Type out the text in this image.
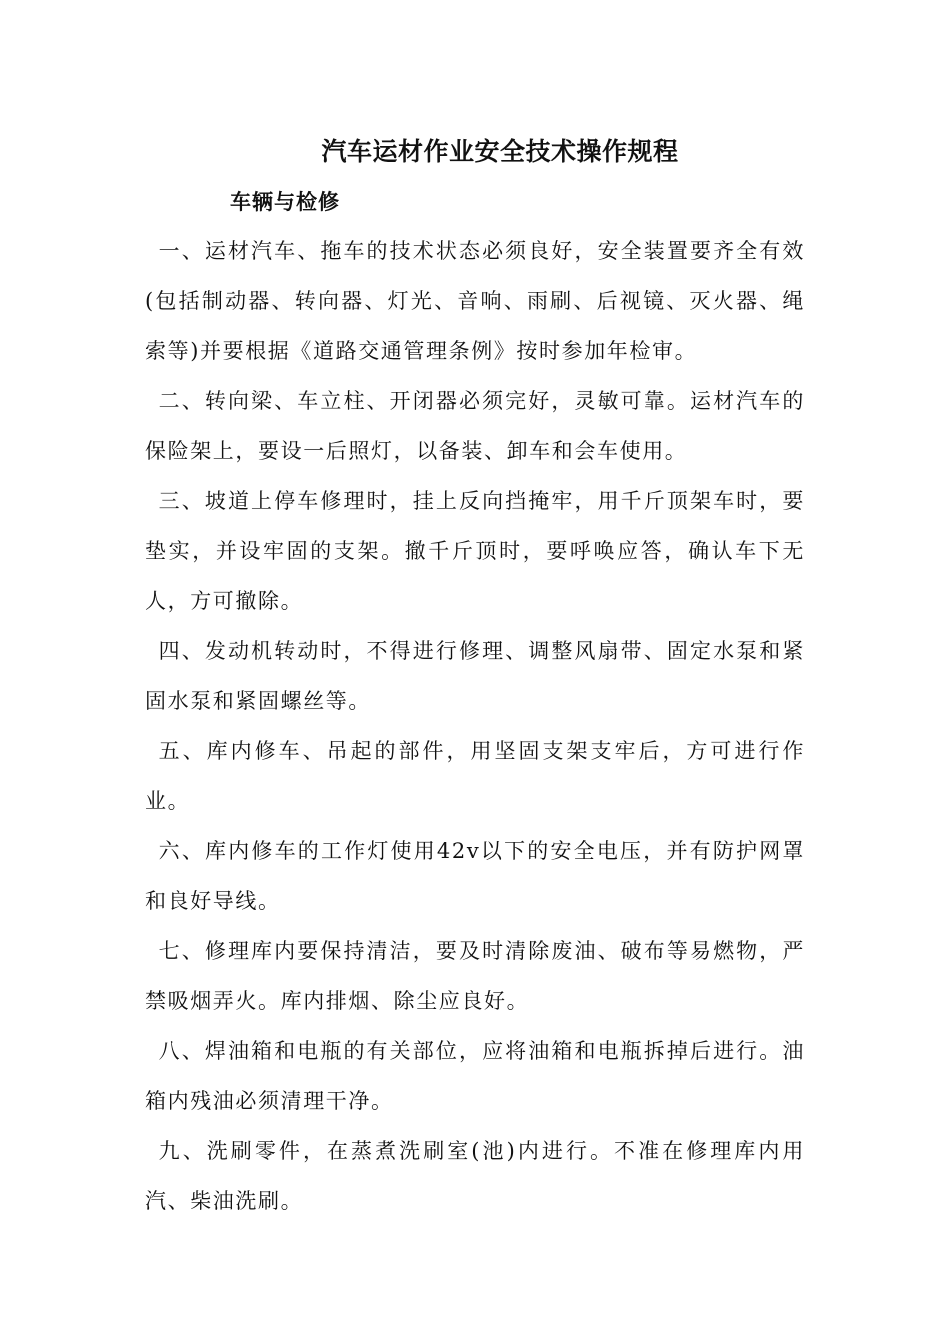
汽车运材作业安全技术操作规程
车辆与检修

一、运材汽车、拖车的技术状态必须良好，安全装置要齐全有效(包括制动器、转向器、灯光、音响、雨刷、后视镜、灭火器、绳索等)并要根据《道路交通管理条例》按时参加年检审。

二、转向梁、车立柱、开闭器必须完好，灵敏可靠。运材汽车的保险架上，要设一后照灯，以备装、卸车和会车使用。

三、坡道上停车修理时，挂上反向挡掩牢，用千斤顶架车时，要垫实，并设牢固的支架。撤千斤顶时，要呼唤应答，确认车下无人，方可撤除。

四、发动机转动时，不得进行修理、调整风扇带、固定水泵和紧固水泵和紧固螺丝等。

五、库内修车、吊起的部件，用坚固支架支牢后，方可进行作业。

六、库内修车的工作灯使用42v以下的安全电压，并有防护网罩和良好导线。

七、修理库内要保持清洁，要及时清除废油、破布等易燃物，严禁吸烟弄火。库内排烟、除尘应良好。

八、焊油箱和电瓶的有关部位，应将油箱和电瓶拆掉后进行。油箱内残油必须清理干净。

九、洗刷零件，在蒸煮洗刷室(池)内进行。不准在修理库内用汽、柴油洗刷。
